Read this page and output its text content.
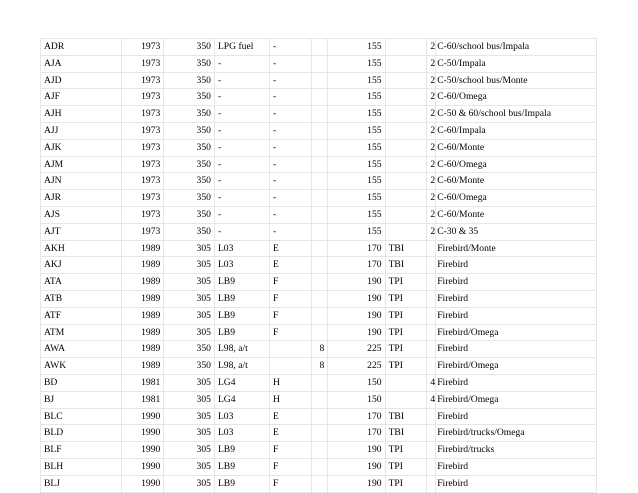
ADR	1973	350	LPG fuel	-		155		2	C-60/school bus/Impala
AJA	1973	350	-	-		155		2	C-50/Impala
AJD	1973	350	-	-		155		2	C-50/school bus/Monte
AJF	1973	350	-	-		155		2	C-60/Omega
AJH	1973	350	-	-		155		2	C-50 & 60/school bus/Impala
AJJ	1973	350	-	-		155		2	C-60/Impala
AJK	1973	350	-	-		155		2	C-60/Monte
AJM	1973	350	-	-		155		2	C-60/Omega
AJN	1973	350	-	-		155		2	C-60/Monte
AJR	1973	350	-	-		155		2	C-60/Omega
AJS	1973	350	-	-		155		2	C-60/Monte
AJT	1973	350	-	-		155		2	C-30 & 35
AKH	1989	305	L03	E		170	TBI		Firebird/Monte
AKJ	1989	305	L03	E		170	TBI		Firebird
ATA	1989	305	LB9	F		190	TPI		Firebird
ATB	1989	305	LB9	F		190	TPI		Firebird
ATF	1989	305	LB9	F		190	TPI		Firebird
ATM	1989	305	LB9	F		190	TPI		Firebird/Omega
AWA	1989	350	L98, a/t		8	225	TPI		Firebird
AWK	1989	350	L98, a/t		8	225	TPI		Firebird/Omega
BD	1981	305	LG4	H		150		4	Firebird
BJ	1981	305	LG4	H		150		4	Firebird/Omega
BLC	1990	305	L03	E		170	TBI		Firebird
BLD	1990	305	L03	E		170	TBI		Firebird/trucks/Omega
BLF	1990	305	LB9	F		190	TPI		Firebird/trucks
BLH	1990	305	LB9	F		190	TPI		Firebird
BLJ	1990	305	LB9	F		190	TPI		Firebird
